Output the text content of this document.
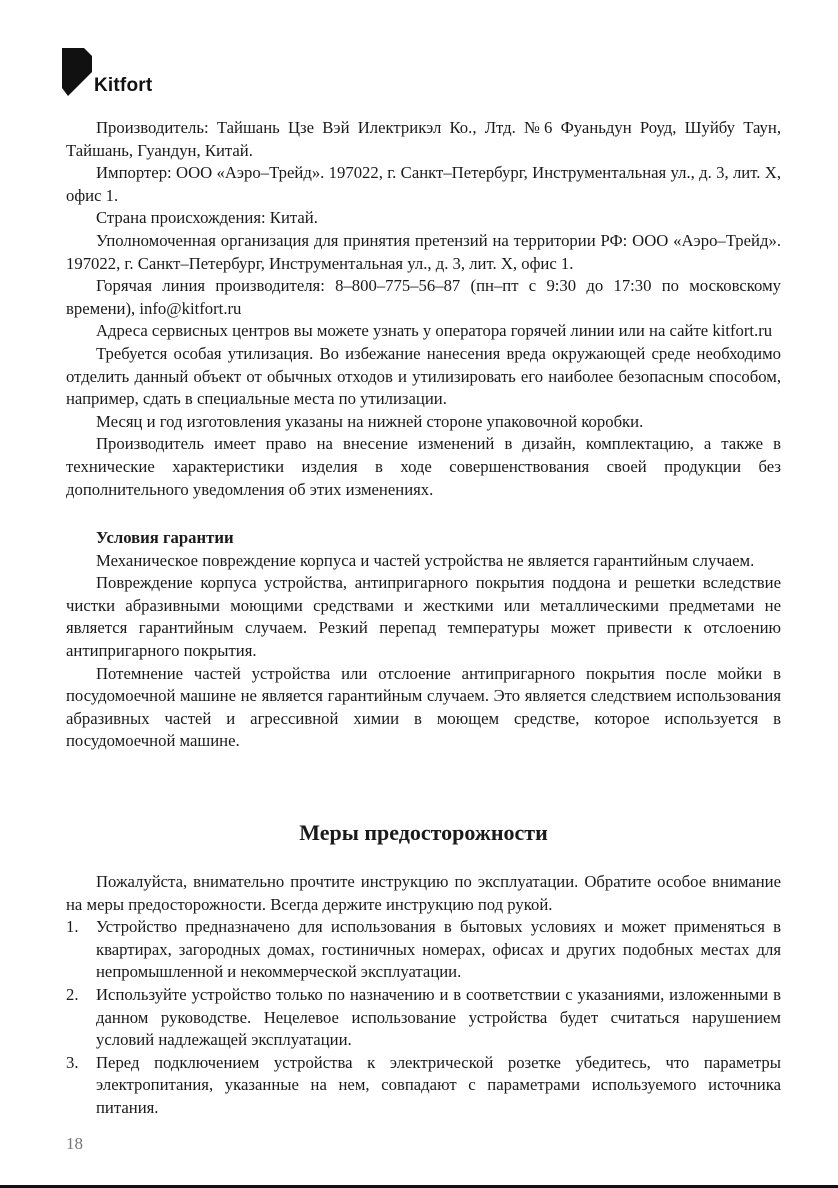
Kitfort

Производитель: Тайшань Цзе Вэй Илектрикэл Ко., Лтд. №6 Фуаньдун Роуд, Шуйбу Таун, Тайшань, Гуандун, Китай.

Импортер: ООО «Аэро–Трейд». 197022, г. Санкт–Петербург, Инструментальная ул., д. 3, лит. Х, офис 1.

Страна происхождения: Китай.

Уполномоченная организация для принятия претензий на территории РФ: ООО «Аэро–Трейд». 197022, г. Санкт–Петербург, Инструментальная ул., д. 3, лит. Х, офис 1.

Горячая линия производителя: 8–800–775–56–87 (пн–пт с 9:30 до 17:30 по московскому времени), info@kitfort.ru

Адреса сервисных центров вы можете узнать у оператора горячей линии или на сайте kitfort.ru

Требуется особая утилизация. Во избежание нанесения вреда окружающей среде необходимо отделить данный объект от обычных отходов и утилизировать его наиболее безопасным способом, например, сдать в специальные места по утилизации.

Месяц и год изготовления указаны на нижней стороне упаковочной коробки.

Производитель имеет право на внесение изменений в дизайн, комплектацию, а также в технические характеристики изделия в ходе совершенствования своей продукции без дополнительного уведомления об этих изменениях.

Условия гарантии

Механическое повреждение корпуса и частей устройства не является гарантийным случаем.

Повреждение корпуса устройства, антипригарного покрытия поддона и решетки вследствие чистки абразивными моющими средствами и жесткими или металлическими предметами не является гарантийным случаем. Резкий перепад температуры может привести к отслоению антипригарного покрытия.

Потемнение частей устройства или отслоение антипригарного покрытия после мойки в посудомоечной машине не является гарантийным случаем. Это является следствием использования абразивных частей и агрессивной химии в моющем средстве, которое используется в посудомоечной машине.

Меры предосторожности

Пожалуйста, внимательно прочтите инструкцию по эксплуатации. Обратите особое внимание на меры предосторожности. Всегда держите инструкцию под рукой.

1. Устройство предназначено для использования в бытовых условиях и может применяться в квартирах, загородных домах, гостиничных номерах, офисах и других подобных местах для непромышленной и некоммерческой эксплуатации.
2. Используйте устройство только по назначению и в соответствии с указаниями, изложенными в данном руководстве. Нецелевое использование устройства будет считаться нарушением условий надлежащей эксплуатации.
3. Перед подключением устройства к электрической розетке убедитесь, что параметры электропитания, указанные на нем, совпадают с параметрами используемого источника питания.
18
